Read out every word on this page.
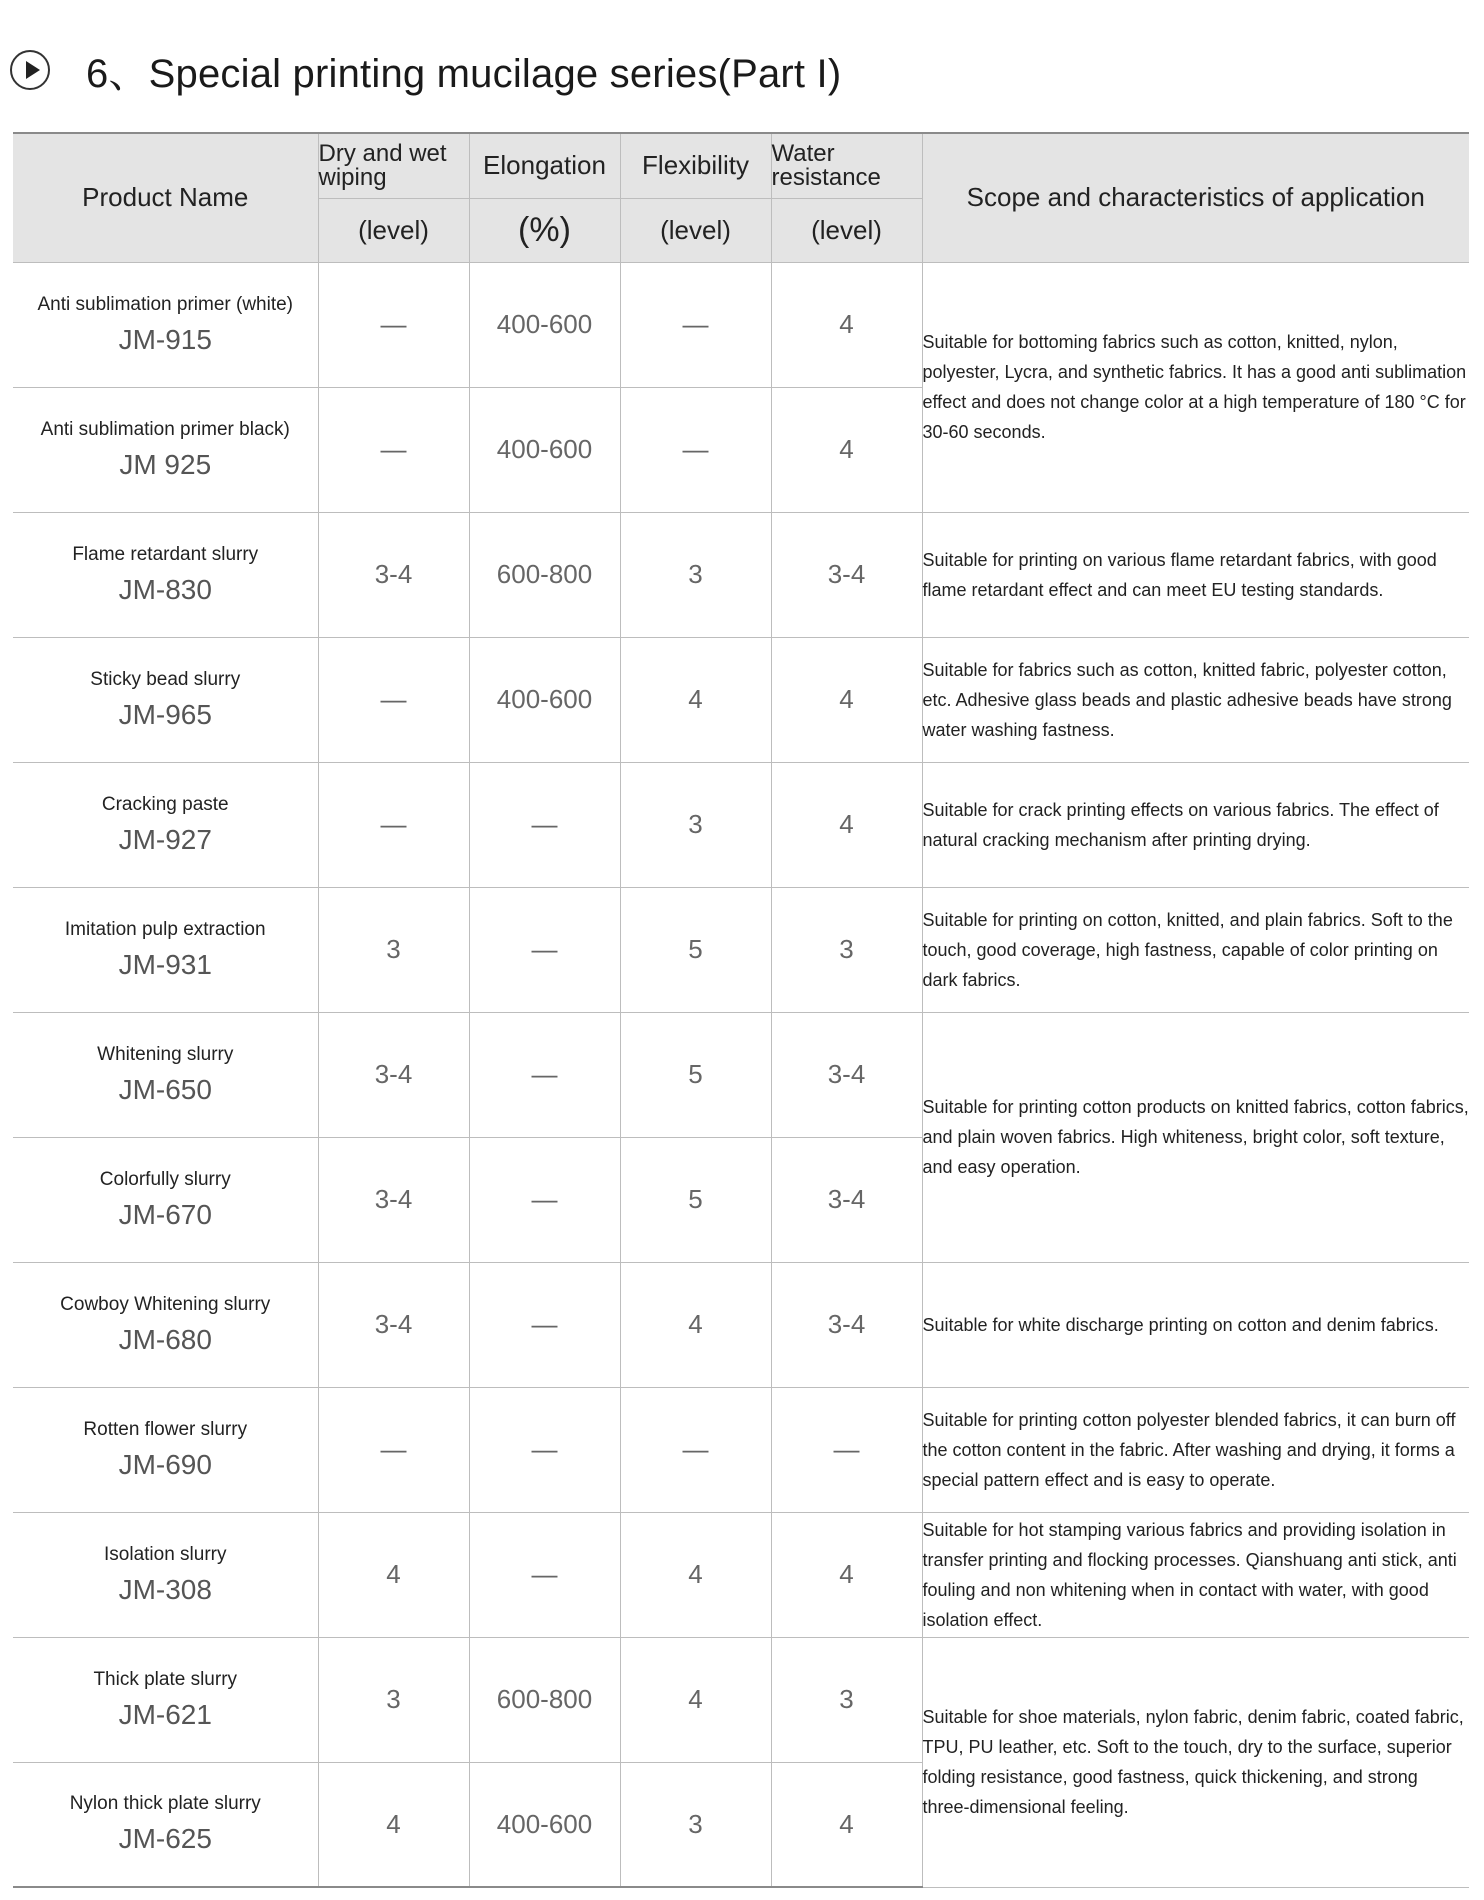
6、Special printing mucilage series(Part I)
Product Name	Dry and wet wiping	Elongation	Flexibility	Water resistance	Scope and characteristics of application
	(level)	(%)	(level)	(level)	

Anti sublimation primer (white)
JM-915	—	400-600	—	4	Suitable for bottoming fabrics such as cotton, knitted, nylon, polyester, Lycra, and synthetic fabrics. It has a good anti sublimation effect and does not change color at a high temperature of 180 °C for 30-60 seconds.

Anti sublimation primer black)
JM 925	—	400-600	—	4	

Flame retardant slurry
JM-830	3-4	600-800	3	3-4	Suitable for printing on various flame retardant fabrics, with good flame retardant effect and can meet EU testing standards.

Sticky bead slurry
JM-965	—	400-600	4	4	Suitable for fabrics such as cotton, knitted fabric, polyester cotton, etc. Adhesive glass beads and plastic adhesive beads have strong water washing fastness.

Cracking paste
JM-927	—	—	3	4	Suitable for crack printing effects on various fabrics. The effect of natural cracking mechanism after printing drying.

Imitation pulp extraction
JM-931	3	—	5	3	Suitable for printing on cotton, knitted, and plain fabrics. Soft to the touch, good coverage, high fastness, capable of color printing on dark fabrics.

Whitening slurry
JM-650	3-4	—	5	3-4	Suitable for printing cotton products on knitted fabrics, cotton fabrics, and plain woven fabrics. High whiteness, bright color, soft texture, and easy operation.

Colorfully slurry
JM-670	3-4	—	5	3-4	

Cowboy Whitening slurry
JM-680	3-4	—	4	3-4	Suitable for white discharge printing on cotton and denim fabrics.

Rotten flower slurry
JM-690	—	—	—	—	Suitable for printing cotton polyester blended fabrics, it can burn off the cotton content in the fabric. After washing and drying, it forms a special pattern effect and is easy to operate.

Isolation slurry
JM-308	4	—	4	4	Suitable for hot stamping various fabrics and providing isolation in transfer printing and flocking processes. Qianshuang anti stick, anti fouling and non whitening when in contact with water, with good isolation effect.

Thick plate slurry
JM-621	3	600-800	4	3	Suitable for shoe materials, nylon fabric, denim fabric, coated fabric, TPU, PU leather, etc. Soft to the touch, dry to the surface, superior folding resistance, good fastness, quick thickening, and strong three-dimensional feeling.

Nylon thick plate slurry
JM-625	4	400-600	3	4	
